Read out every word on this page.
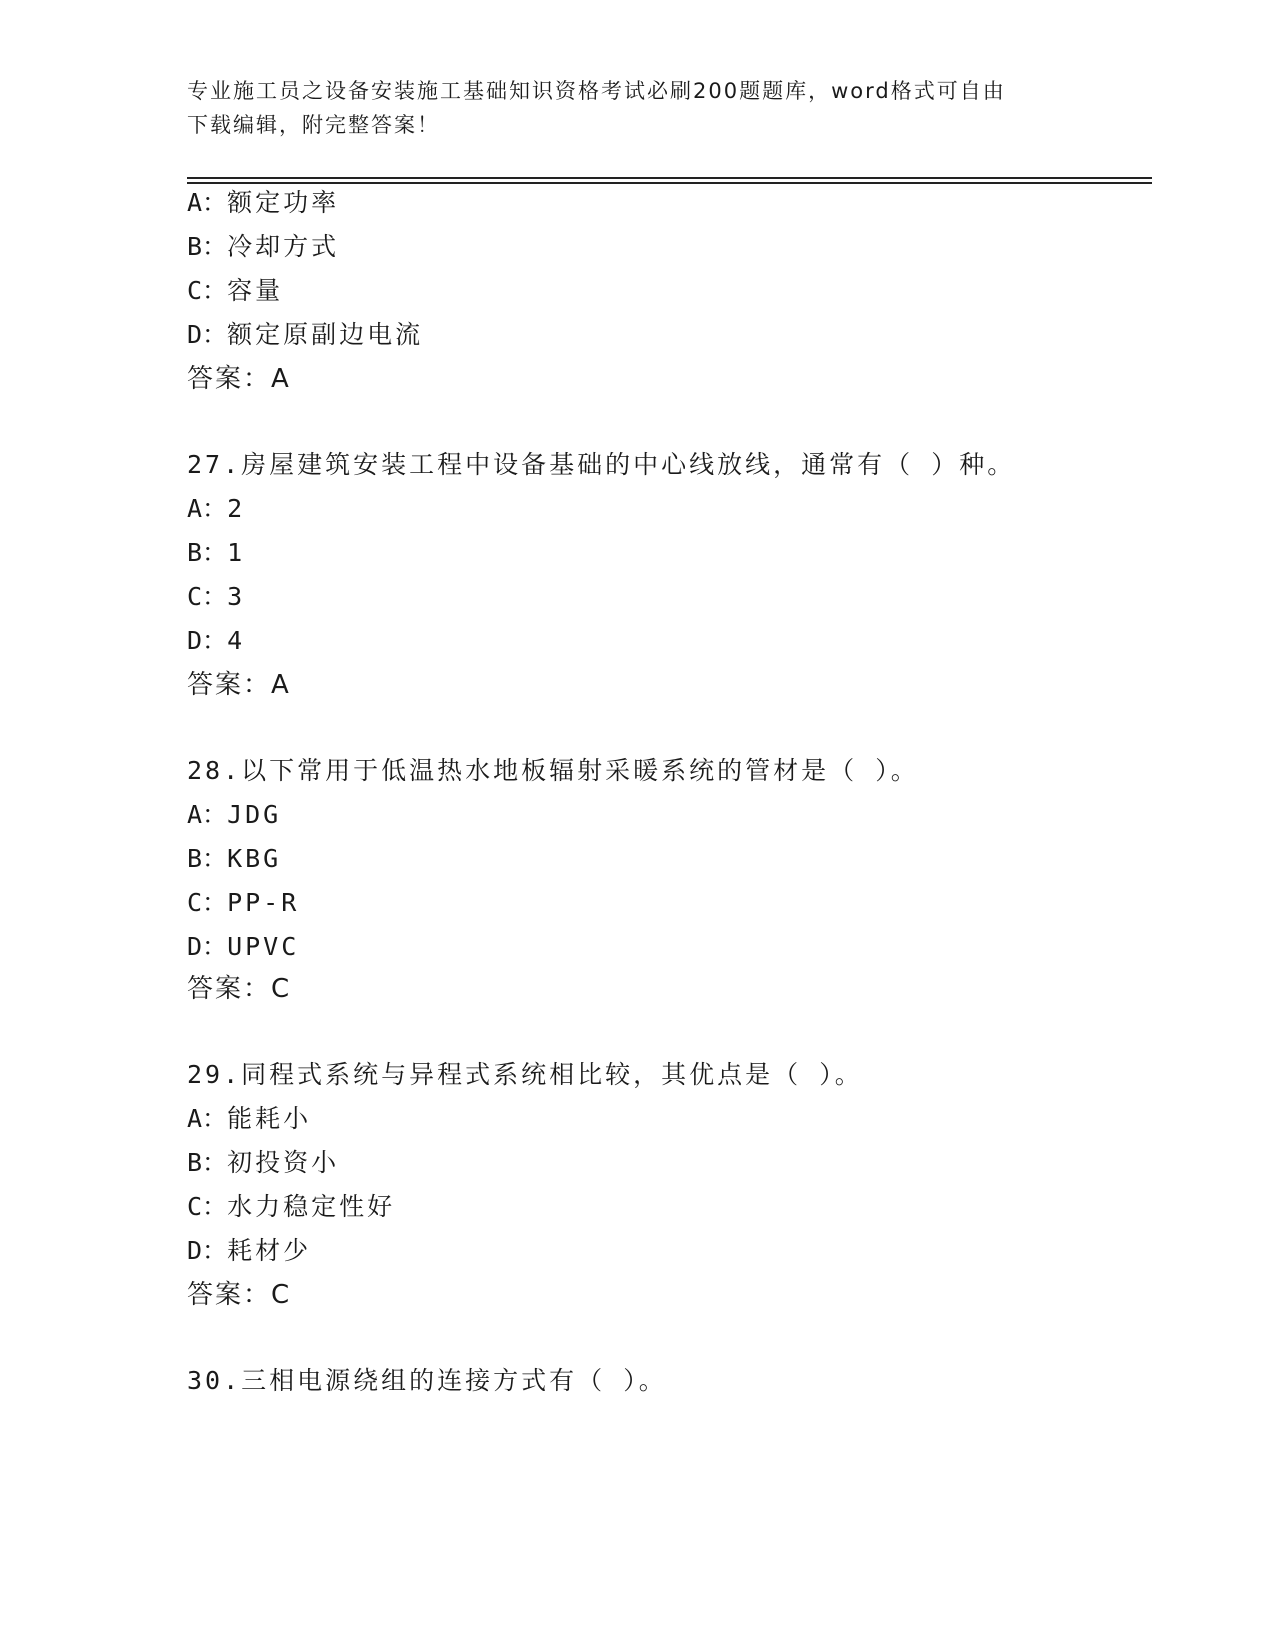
专业施工员之设备安装施工基础知识资格考试必刷200题题库，word格式可自由
下载编辑，附完整答案！
A：额定功率
B：冷却方式
C：容量
D：额定原副边电流
答案：A
27.房屋建筑安装工程中设备基础的中心线放线，通常有（ ）种。
A：2
B：1
C：3
D：4
答案：A
28.以下常用于低温热水地板辐射采暖系统的管材是（ ）。
A：JDG
B：KBG
C：PP-R
D：UPVC
答案：C
29.同程式系统与异程式系统相比较，其优点是（ ）。
A：能耗小
B：初投资小
C：水力稳定性好
D：耗材少
答案：C
30.三相电源绕组的连接方式有（ ）。
